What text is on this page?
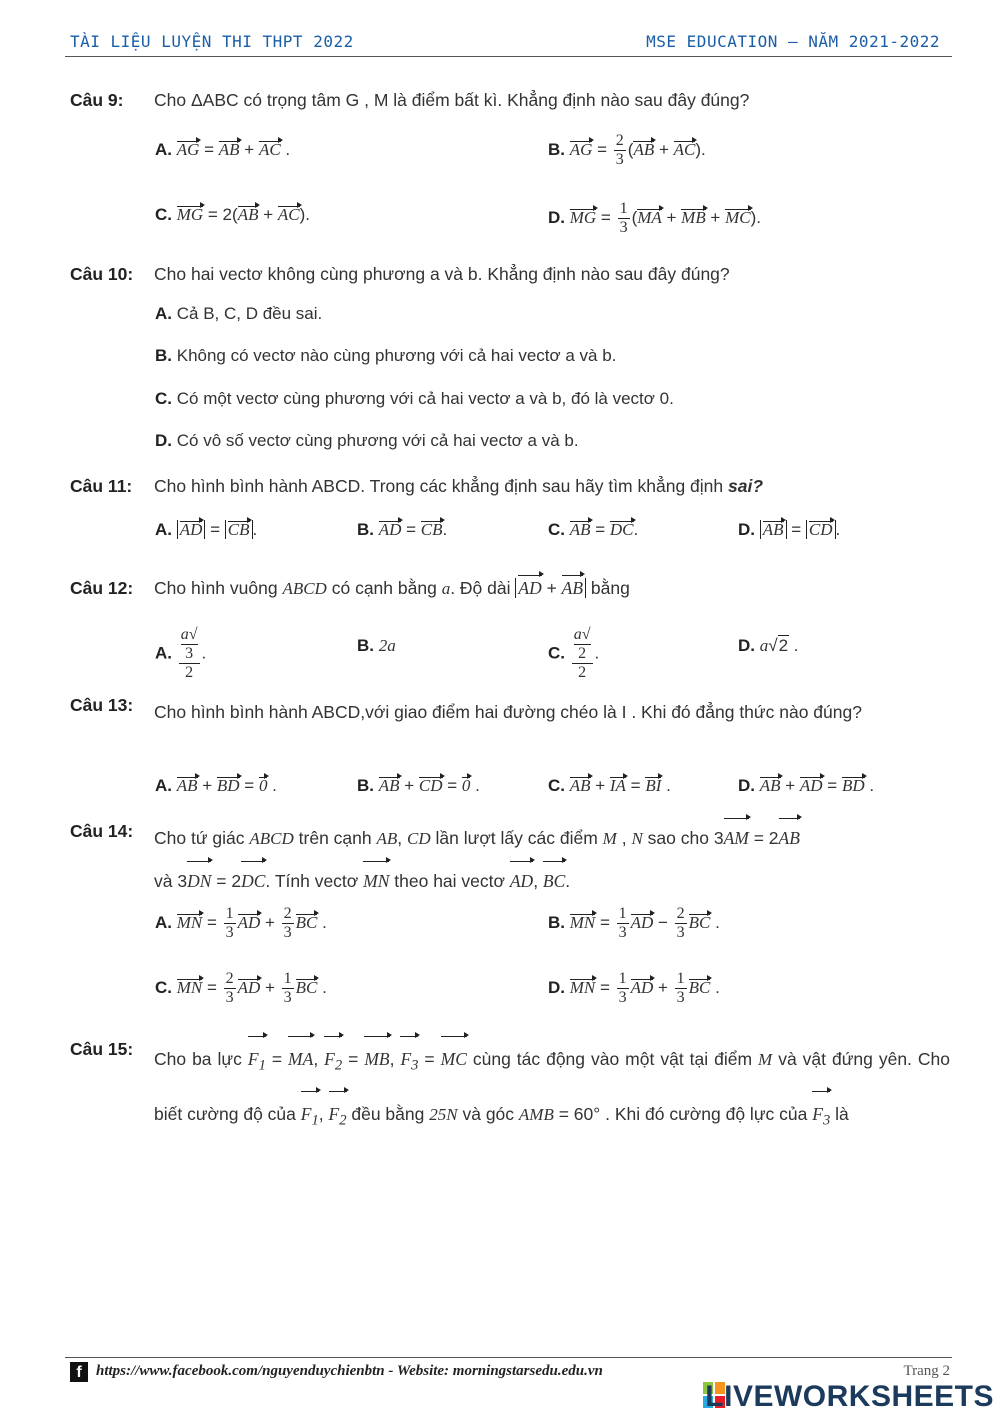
TÀI LIỆU LUYỆN THI THPT 2022	MSE EDUCATION – NĂM 2021-2022
Câu 9: Cho ΔABC có trọng tâm G , M là điểm bất kì. Khẳng định nào sau đây đúng?
A. AG = AB + AC .	B. AG = $\frac{2}{3} (AB + AC)$.
C. MG = 2(AB + AC).	D. MG = $\frac{1}{3} (MA$ + MB + MC).
Câu 10: Cho hai vectơ không cùng phương a và b. Khẳng định nào sau đây đúng?
A. Cả B, C, D đều sai.
B. Không có vectơ nào cùng phương với cả hai vectơ a và b.
C. Có một vectơ cùng phương với cả hai vectơ a và b, đó là vectơ 0.
D. Có vô số vectơ cùng phương với cả hai vectơ a và b.
Câu 11: Cho hình bình hành ABCD. Trong các khẳng định sau hãy tìm khẳng định sai?
A. AD = CB .	B. AD = CB.	C. AB = DC.	D. AB = CD .
Câu 12: Cho hình vuông ABCD có cạnh bằng a. Độ dài AD + AB bằng
A. a√
3
2 .	B. 2a	C. a√
2
2 .	D. a√2 .
Câu 13: Cho hình bình hành ABCD,với giao điểm hai đường chéo là I . Khi đó đẳng thức nào đúng?
A. AB + BD = 0 .	B. AB + CD = 0 .	C. AB + IA = BI .	D. AB + AD = BD .
Câu 14: Cho tứ giác ABCD trên cạnh AB, CD lần lượt lấy các điểm M , N sao cho 3AM = 2AB
và 3DN = 2DC. Tính vectơ MN theo hai vectơ AD, BC.
A. MN = $\frac{1}{3}$ AD + $\frac{2}{3}$ BC .	B. MN = $\frac{1}{3}$ AD − $\frac{2}{3}$ BC .
C. MN = $\frac{2}{3}$ AD + $\frac{1}{3}$ BC .	D. MN = $\frac{1}{3}$ AD + $\frac{1}{3}$ BC .
Câu 15: Cho ba lực $F_1$ = MA, $F_2$ = MB, $F_3$ = MC cùng tác động vào một vật tại điểm M và vật đứng yên. Cho biết cường độ của $F_1$, $F_2$ đều bằng 25N và góc AMB = 60° . Khi đó cường độ lực của $F_3$ là
f https://www.facebook.com/nguyenduychienbtn - Website: morningstarsedu.edu.vn	Trang 2
LIVEWORKSHEETS
